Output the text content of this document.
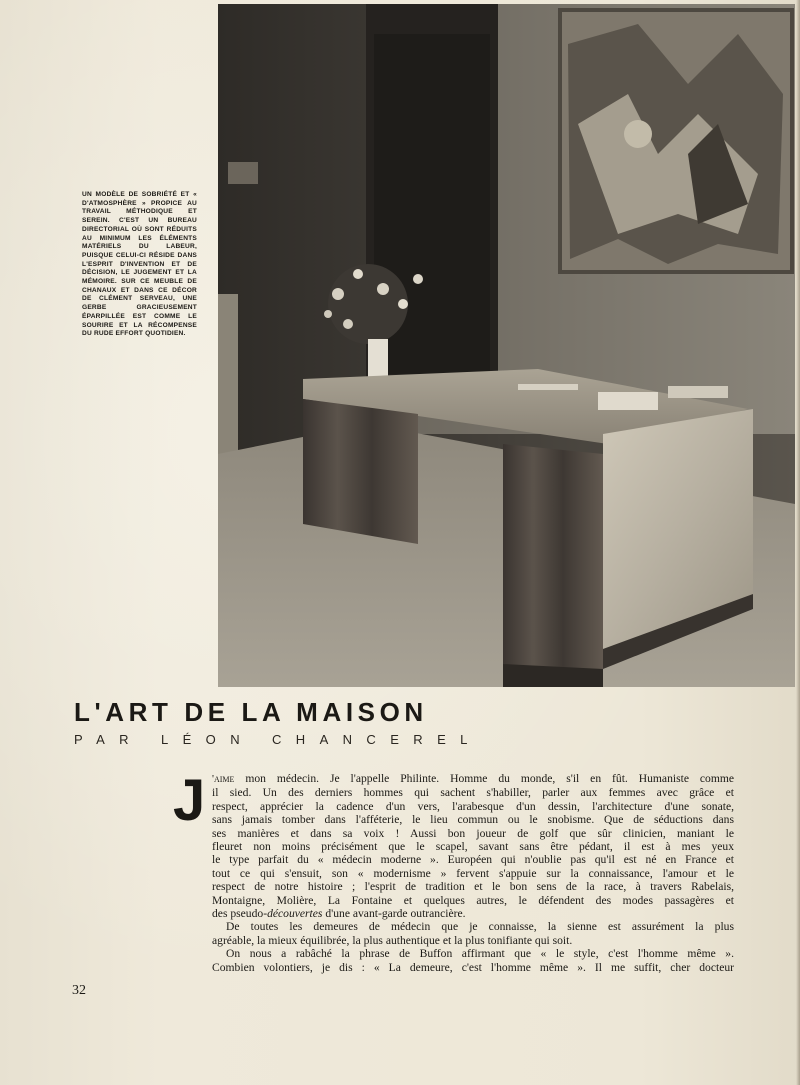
UN MODÈLE DE SOBRIÉTÉ ET « D'ATMOSPHÈRE » PROPICE AU TRAVAIL MÉTHODIQUE ET SEREIN. C'EST UN BUREAU DIRECTORIAL OÙ SONT RÉDUITS AU MINIMUM LES ÉLÉMENTS MATÉRIELS DU LABEUR, PUISQUE CELUI-CI RÉSIDE DANS L'ESPRIT D'INVENTION ET DE DÉCISION, LE JUGEMENT ET LA MÉMOIRE. SUR CE MEUBLE DE CHANAUX ET DANS CE DÉCOR DE CLÉMENT SERVEAU, UNE GERBE GRACIEUSEMENT ÉPARPILLÉE EST COMME LE SOURIRE ET LA RÉCOMPENSE DU RUDE EFFORT QUOTIDIEN.
L'ART DE LA MAISON
PAR LÉON CHANCEREL
J 'aime mon médecin. Je l'appelle Philinte. Homme du monde, s'il en fût. Humaniste comme
il sied. Un des derniers hommes qui sachent s'habiller, parler aux femmes avec grâce et
respect, apprécier la cadence d'un vers, l'arabesque d'un dessin, l'architecture d'une sonate,
sans jamais tomber dans l'afféterie, le lieu commun ou le snobisme. Que de séductions dans
ses manières et dans sa voix ! Aussi bon joueur de golf que sûr clinicien, maniant le
fleuret non moins précisément que le scapel, savant sans être pédant, il est à mes yeux
le type parfait du « médecin moderne ». Européen qui n'oublie pas qu'il est né en France et
tout ce qui s'ensuit, son « modernisme » fervent s'appuie sur la connaissance, l'amour et le
respect de notre histoire ; l'esprit de tradition et le bon sens de la race, à travers Rabelais,
Montaigne, Molière, La Fontaine et quelques autres, le défendent des modes passagères et
des pseudo-découvertes d'une avant-garde outrancière.
De toutes les demeures de médecin que je connaisse, la sienne est assurément la plus
agréable, la mieux équilibrée, la plus authentique et la plus tonifiante qui soit.
On nous a rabâché la phrase de Buffon affirmant que « le style, c'est l'homme même ».
Combien volontiers, je dis : « La demeure, c'est l'homme même ». Il me suffit, cher docteur
32
